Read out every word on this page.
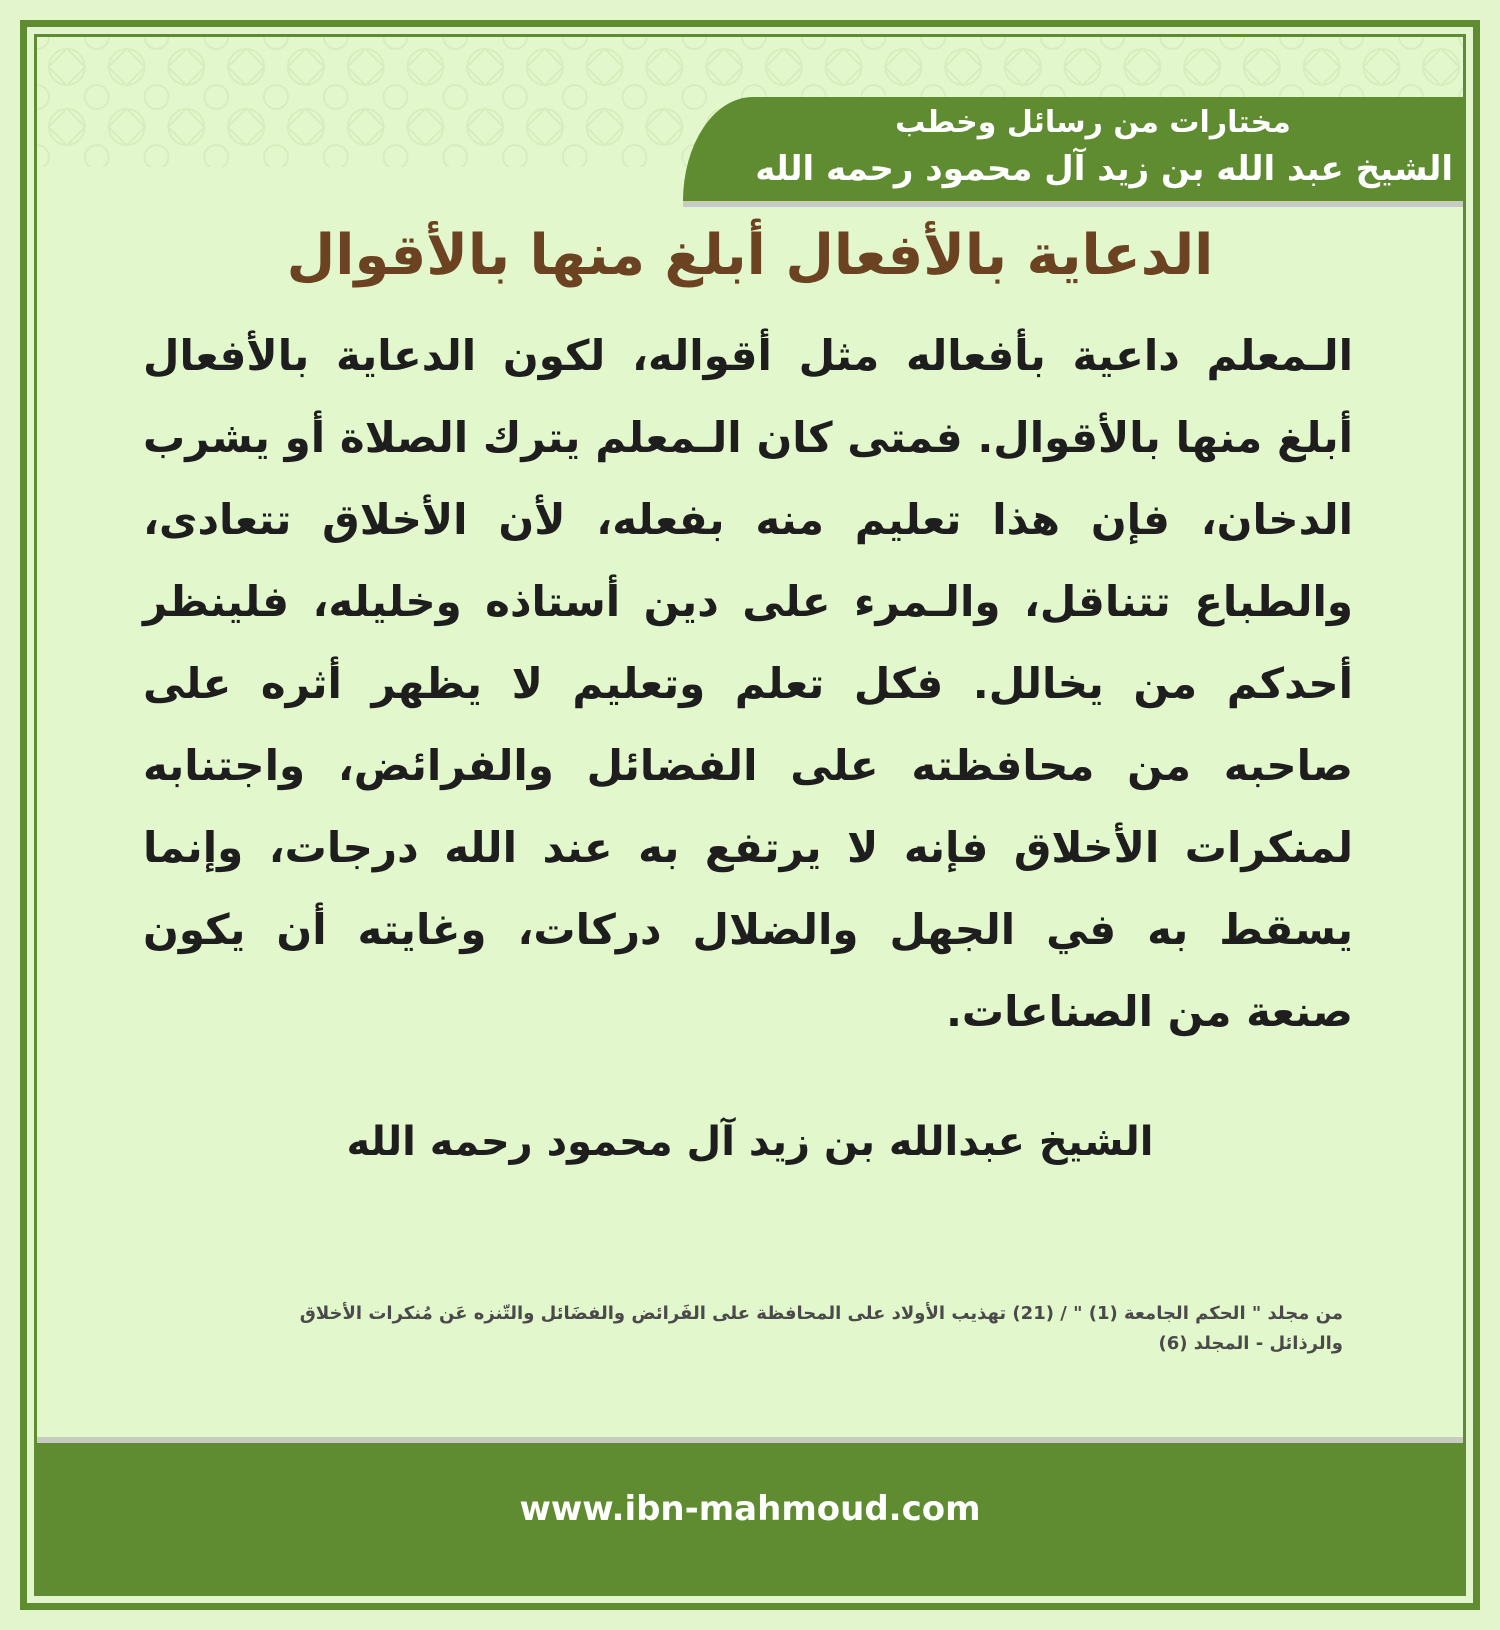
مختارات من رسائل وخطب
الشيخ عبد الله بن زيد آل محمود رحمه الله
الدعاية بالأفعال أبلغ منها بالأقوال
الـمعلم داعية بأفعاله مثل أقواله، لكون الدعاية بالأفعال
أبلغ منها بالأقوال. فمتى كان الـمعلم يترك الصلاة أو يشرب
الدخان، فإن هذا تعليم منه بفعله، لأن الأخلاق تتعادى،
والطباع تتناقل، والـمرء على دين أستاذه وخليله، فلينظر
أحدكم من يخالل. فكل تعلم وتعليم لا يظهر أثره على
صاحبه من محافظته على الفضائل والفرائض، واجتنابه
لمنكرات الأخلاق فإنه لا يرتفع به عند الله درجات، وإنما
يسقط به في الجهل والضلال دركات، وغايته أن يكون
صنعة من الصناعات.
الشيخ عبدالله بن زيد آل محمود رحمه الله
من مجلد " الحكم الجامعة (1) " / (21) تهذيب الأولاد على المحافظة على الفَرائض والفضَائل والتّنزه عَن مُنكرات الأخلاق
والرذائل - المجلد (6)
www.ibn-mahmoud.com
